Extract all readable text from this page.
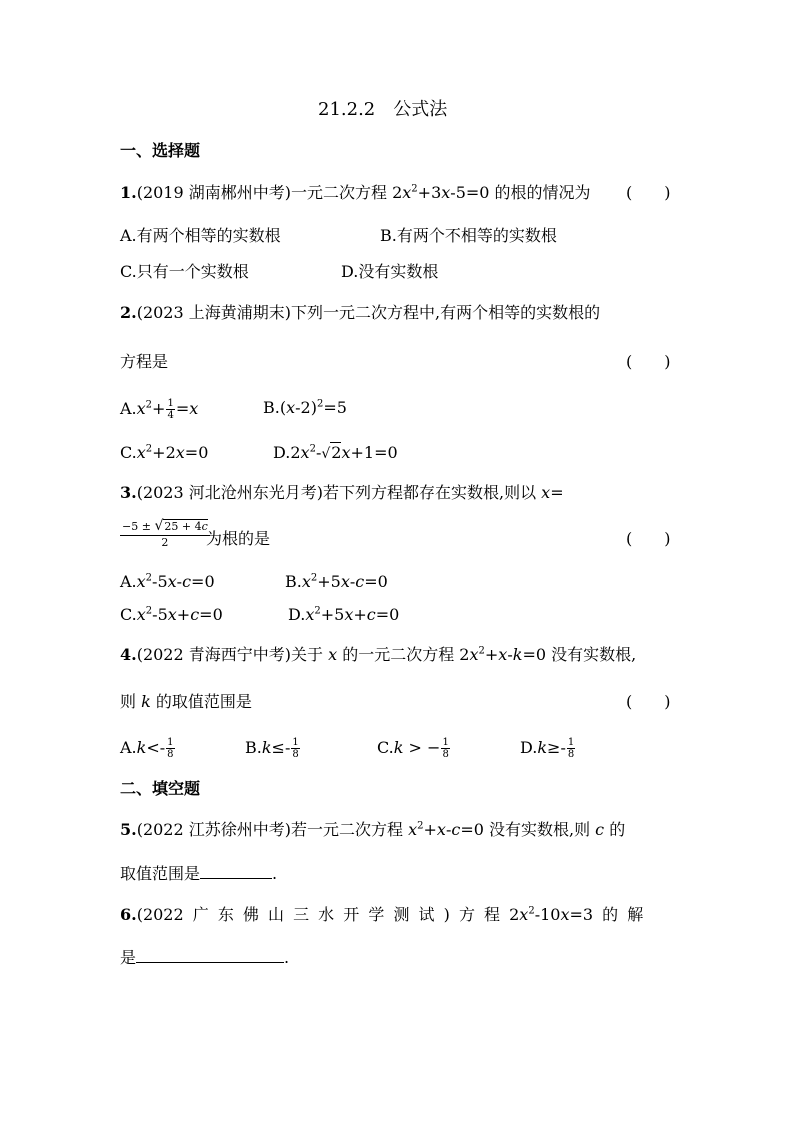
21.2.2　公式法
一、选择题
1.(2019 湖南郴州中考)一元二次方程 $2x^2+3x-5=0$ 的根的情况为 (　　)
A.有两个相等的实数根	B.有两个不相等的实数根
C.只有一个实数根	D.没有实数根
2.(2023 上海黄浦期末)下列一元二次方程中,有两个相等的实数根的
方程是	(　　)
$A.x^2+ \frac{1}{4} =x$	$B.(x-2)^2=5$
$C.x^2+2x=0$	$D.2x^2-√2x+1=0$
3.(2023 河北沧州东光月考)若下列方程都存在实数根,则以 x=
−5 ± √25 + 4c
2	为根的是	(　　)
$A.x^2-5x-c=0$	$B.x^2+5x-c=0$
$C.x^2-5x+c=0$	$D.x^2+5x+c=0$
4.(2022 青海西宁中考)关于 x 的一元二次方程 $2x^2+x-k=0$ 没有实数根,
则 k 的取值范围是	(　　)
$A.k<- \frac{1}{8}$	$B.k\le- \frac{1}{8}$	C.k > − $\frac{1}{8}$	$D.k\ge- \frac{1}{8}$
二、填空题
5.(2022 江苏徐州中考)若一元二次方程 $x^2+x-c=0$ 没有实数根,则 c 的
取值范围是	.
6.(2022 广 东 佛 山 三 水 开 学 测 试 ) 方 程 $2x^2-10x=3$ 的 解
是	.
